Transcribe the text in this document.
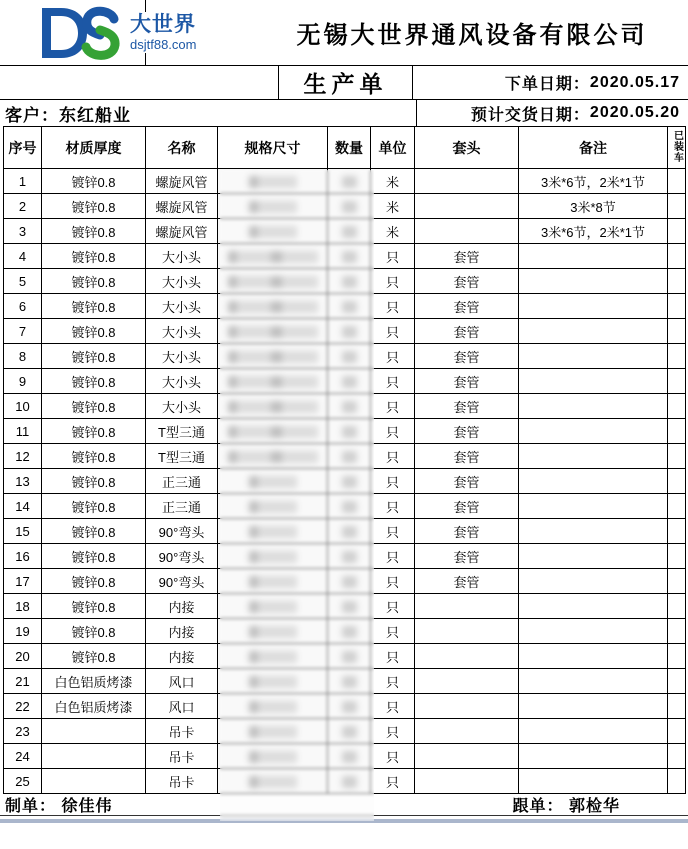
大世界
dsjtf88.com	无锡大世界通风设备有限公司
生产单	下单日期： 2020.05.17
客户： 东红船业	预计交货日期： 2020.05.20
序号	材质厚度	名称	规格尺寸	数量	单位	套头	备注	已装车
1	镀锌0.8	螺旋风管			米		3米*6节，2米*1节	
2	镀锌0.8	螺旋风管			米		3米*8节	
3	镀锌0.8	螺旋风管			米		3米*6节，2米*1节	
4	镀锌0.8	大小头			只	套管		
5	镀锌0.8	大小头			只	套管		
6	镀锌0.8	大小头			只	套管		
7	镀锌0.8	大小头			只	套管		
8	镀锌0.8	大小头			只	套管		
9	镀锌0.8	大小头			只	套管		
10	镀锌0.8	大小头			只	套管		
11	镀锌0.8	T型三通			只	套管		
12	镀锌0.8	T型三通			只	套管		
13	镀锌0.8	正三通			只	套管		
14	镀锌0.8	正三通			只	套管		
15	镀锌0.8	90°弯头			只	套管		
16	镀锌0.8	90°弯头			只	套管		
17	镀锌0.8	90°弯头			只	套管		
18	镀锌0.8	内接			只			
19	镀锌0.8	内接			只			
20	镀锌0.8	内接			只			
21	白色铝质烤漆	风口			只			
22	白色铝质烤漆	风口			只			
23		吊卡			只			
24		吊卡			只			
25		吊卡			只			
制单： 徐佳伟	跟单： 郭检华
